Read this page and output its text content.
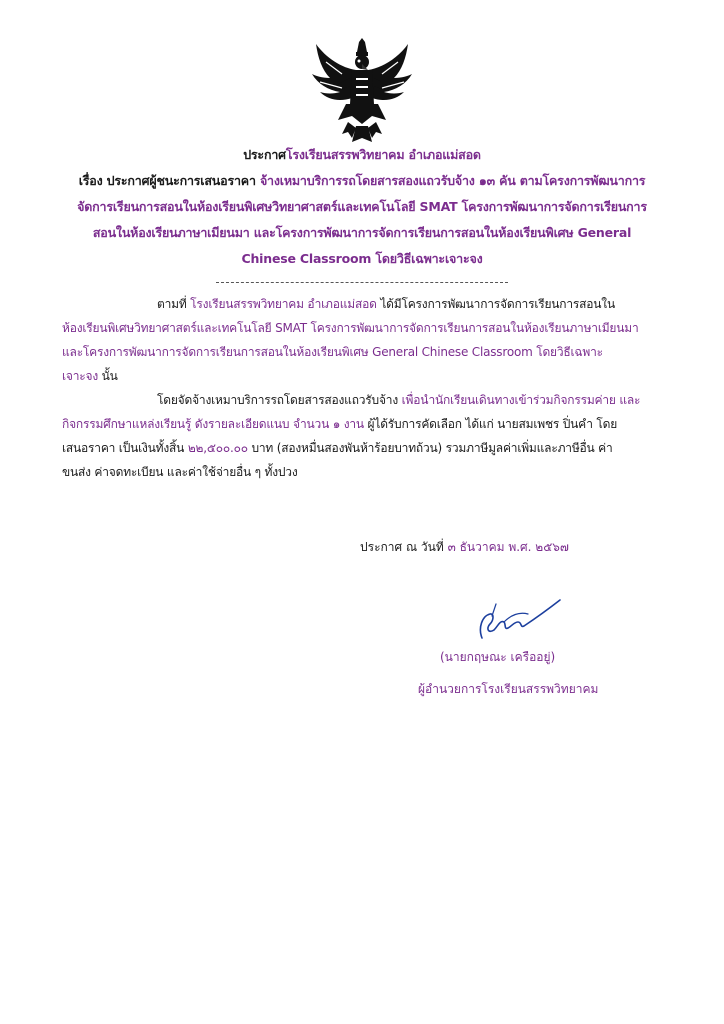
ประกาศโรงเรียนสรรพวิทยาคม อำเภอแม่สอด

เรื่อง ประกาศผู้ชนะการเสนอราคา จ้างเหมาบริการรถโดยสารสองแถวรับจ้าง ๑๓ คัน ตามโครงการพัฒนาการ

จัดการเรียนการสอนในห้องเรียนพิเศษวิทยาศาสตร์และเทคโนโลยี SMAT โครงการพัฒนาการจัดการเรียนการ

สอนในห้องเรียนภาษาเมียนมา และโครงการพัฒนาการจัดการเรียนการสอนในห้องเรียนพิเศษ General

Chinese Classroom โดยวิธีเฉพาะเจาะจง

ตามที่ โรงเรียนสรรพวิทยาคม อำเภอแม่สอด ได้มีโครงการพัฒนาการจัดการเรียนการสอนใน

ห้องเรียนพิเศษวิทยาศาสตร์และเทคโนโลยี SMAT โครงการพัฒนาการจัดการเรียนการสอนในห้องเรียนภาษาเมียนมา

และโครงการพัฒนาการจัดการเรียนการสอนในห้องเรียนพิเศษ General Chinese Classroom โดยวิธีเฉพาะ

เจาะจง นั้น

โดยจัดจ้างเหมาบริการรถโดยสารสองแถวรับจ้าง เพื่อนำนักเรียนเดินทางเข้าร่วมกิจกรรมค่าย และ

กิจกรรมศึกษาแหล่งเรียนรู้ ดังรายละเอียดแนบ จำนวน ๑ งาน ผู้ได้รับการคัดเลือก ได้แก่ นายสมเพชร ปิ่นคำ โดย

เสนอราคา เป็นเงินทั้งสิ้น ๒๒,๕๐๐.๐๐ บาท (สองหมื่นสองพันห้าร้อยบาทถ้วน) รวมภาษีมูลค่าเพิ่มและภาษีอื่น ค่า

ขนส่ง ค่าจดทะเบียน และค่าใช้จ่ายอื่น ๆ ทั้งปวง

ประกาศ ณ วันที่ ๓ ธันวาคม พ.ศ. ๒๕๖๗
(นายกฤษณะ เครืออยู่)
ผู้อำนวยการโรงเรียนสรรพวิทยาคม
